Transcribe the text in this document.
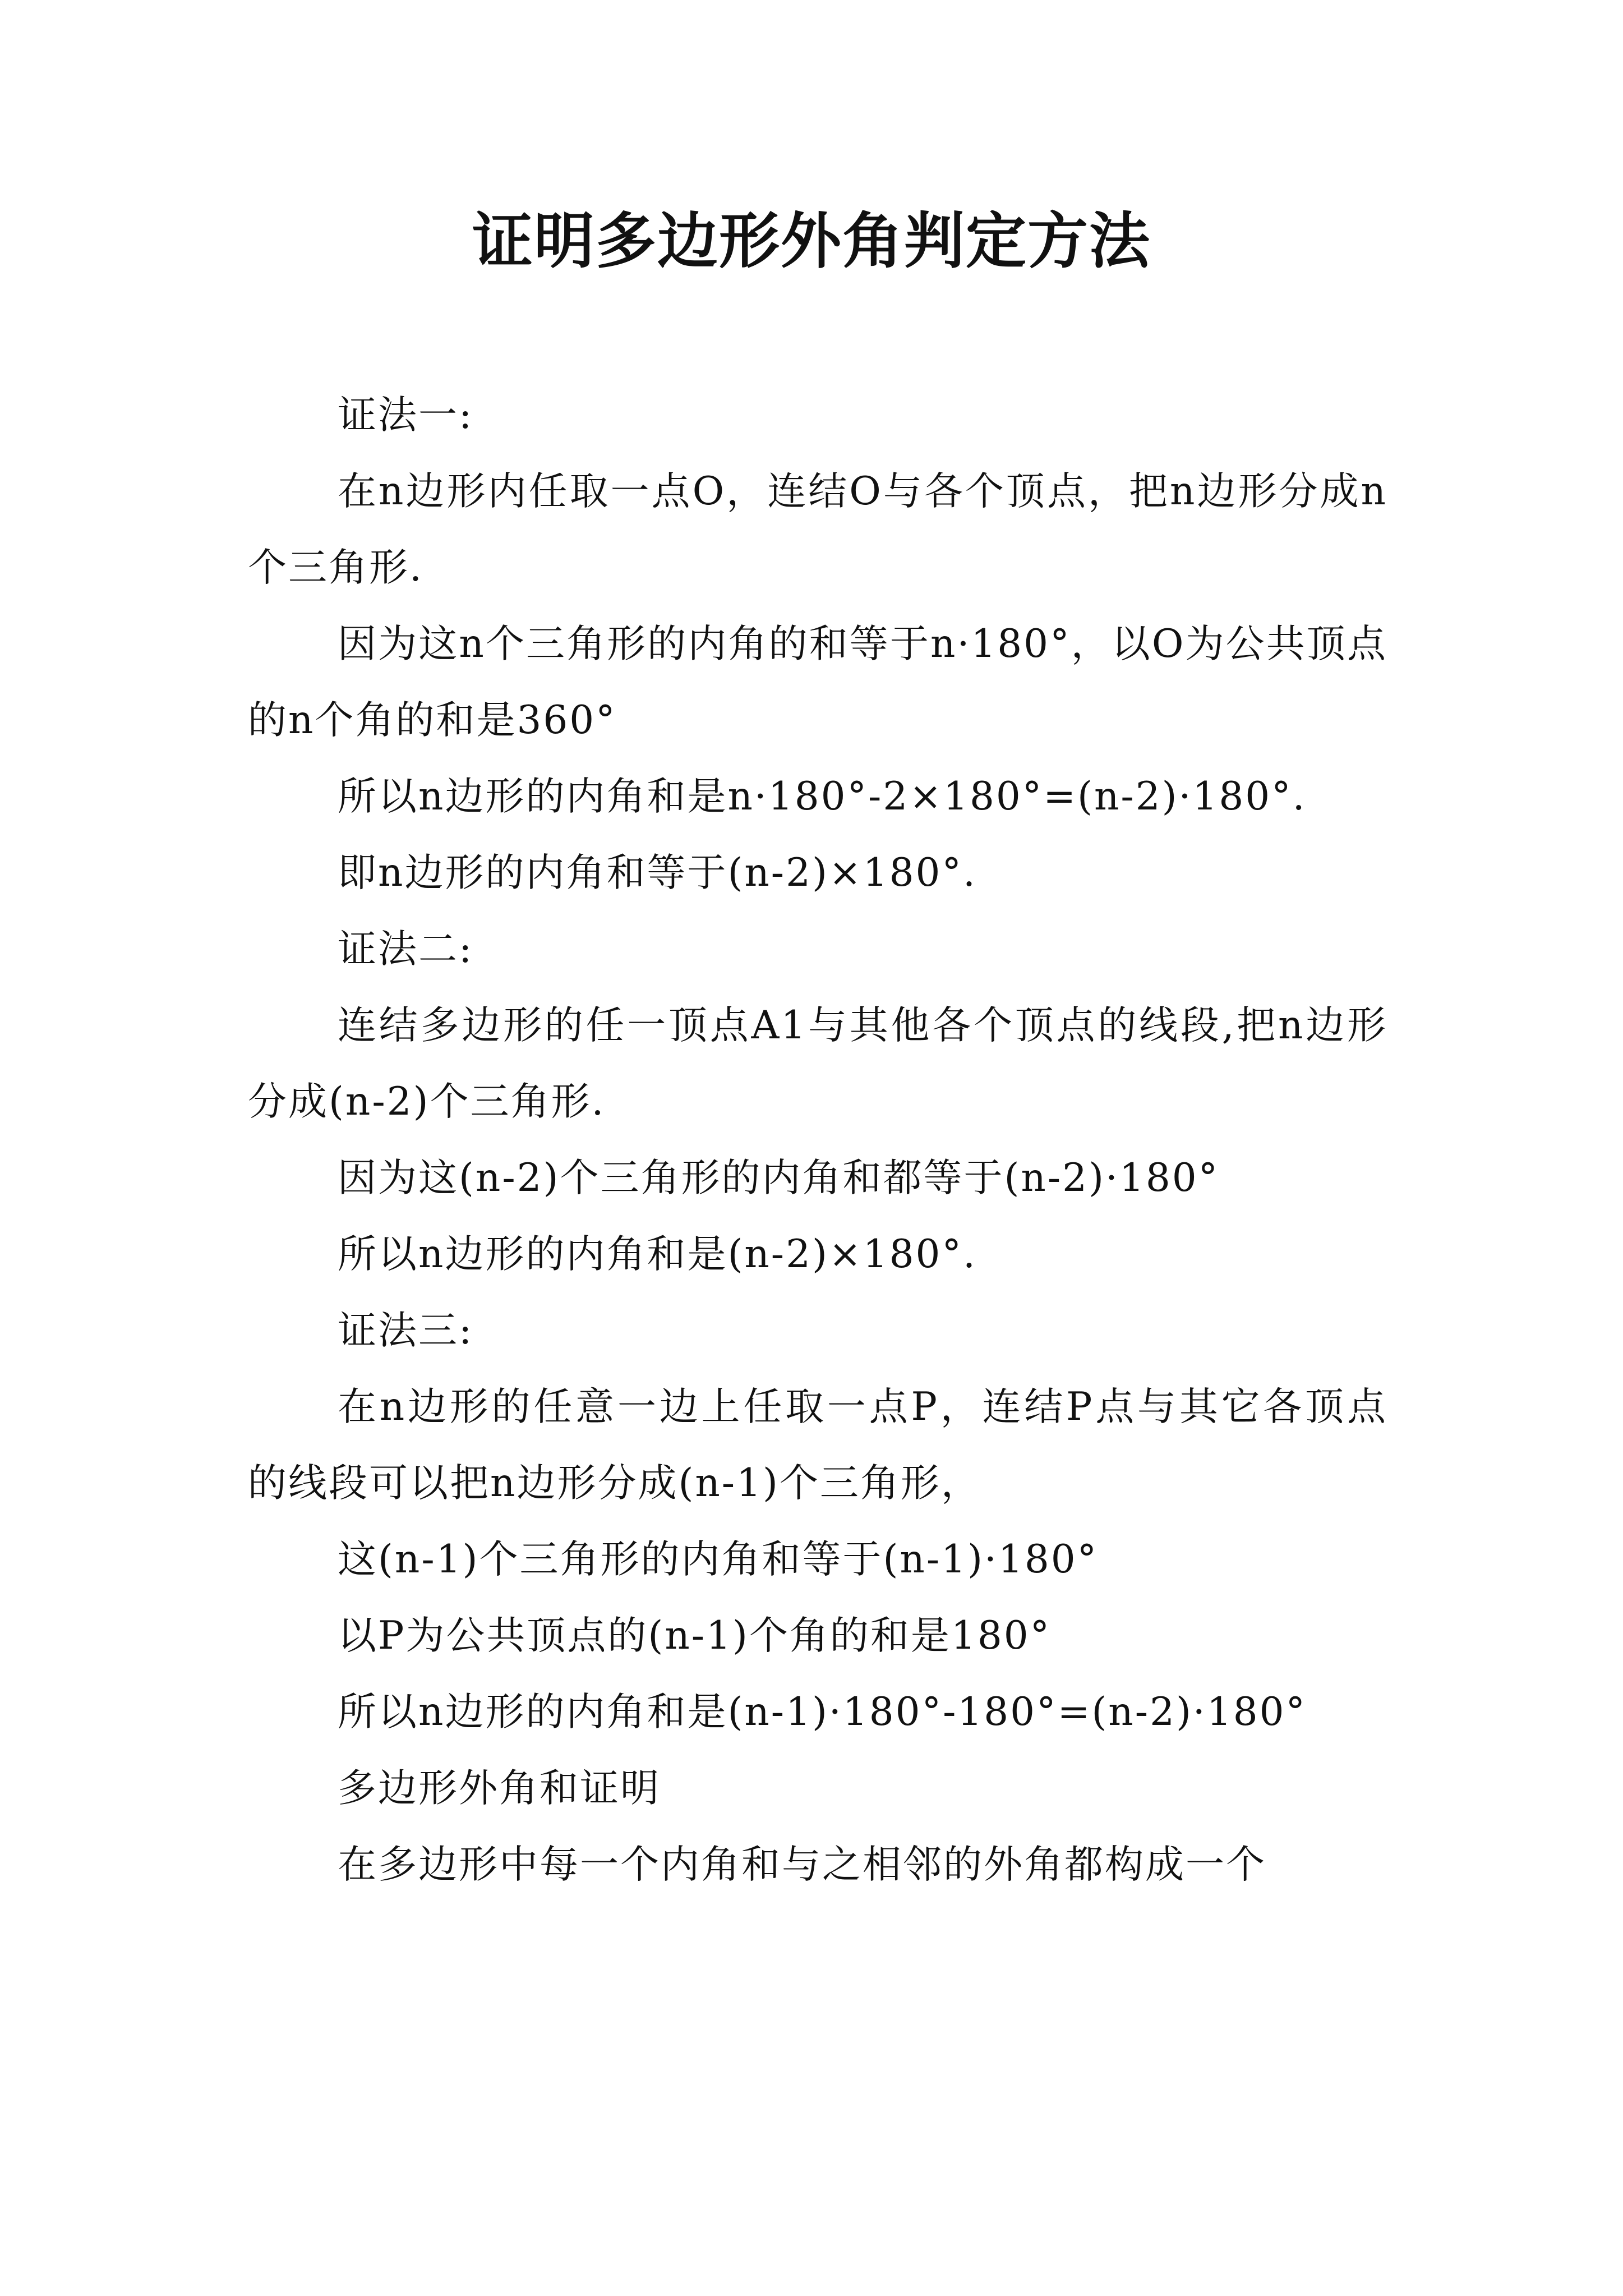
证明多边形外角判定方法

证法一:

在n边形内任取一点O，连结O与各个顶点，把n边形分成n个三角形.

因为这n个三角形的内角的和等于n·180°，以O为公共顶点的n个角的和是360°

所以n边形的内角和是n·180°-2×180°=(n-2)·180°.

即n边形的内角和等于(n-2)×180°.

证法二:

连结多边形的任一顶点A1与其他各个顶点的线段,把n边形分成(n-2)个三角形.

因为这(n-2)个三角形的内角和都等于(n-2)·180°

所以n边形的内角和是(n-2)×180°.

证法三:

在n边形的任意一边上任取一点P，连结P点与其它各顶点的线段可以把n边形分成(n-1)个三角形，

这(n-1)个三角形的内角和等于(n-1)·180°

以P为公共顶点的(n-1)个角的和是180°

所以n边形的内角和是(n-1)·180°-180°=(n-2)·180°

多边形外角和证明

在多边形中每一个内角和与之相邻的外角都构成一个
